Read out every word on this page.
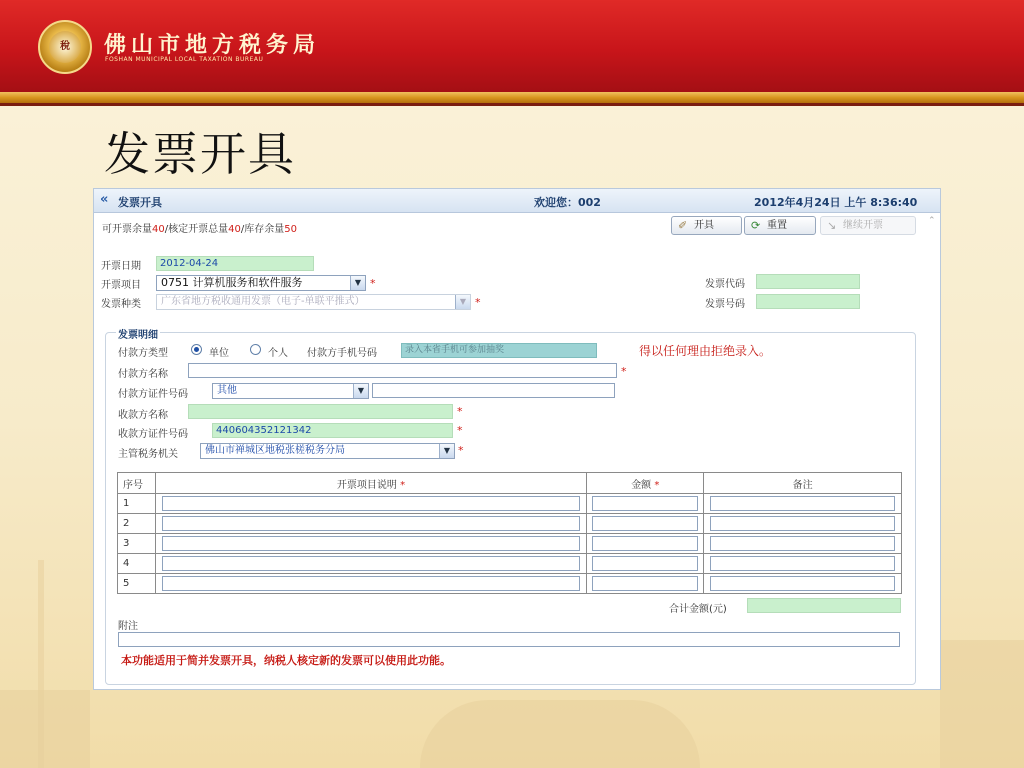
稅	佛山市地方税务局
FOSHAN MUNICIPAL LOCAL TAXATION BUREAU
发票开具
« 发票开具	欢迎您：002	2012年4月24日 上午 8:36:40
可开票余量40/核定开票总量40/库存余量50	✐ 开具	⟳ 重置	↘ 继续开票	⌃
开票日期	2012-04-24
开票项目	0751 计算机服务和软件服务	▼ *
发票种类	广东省地方税收通用发票（电子-单联平推式）	▼ *
发票代码
发票号码
发票明细
付款方类型	单位	个人 付款方手机号码	录入本省手机可参加抽奖	得以任何理由拒绝录入。
付款方名称	*
付款方证件号码	其他	▼
收款方名称	*
收款方证件号码	440604352121342	*
主管税务机关	佛山市禅城区地税张槎税务分局	▼ *
序号	开票项目说明 *	金额 *	备注
1	

2	

3	

4	

5	

合计金额(元)
附注
本功能适用于简并发票开具，纳税人核定新的发票可以使用此功能。
